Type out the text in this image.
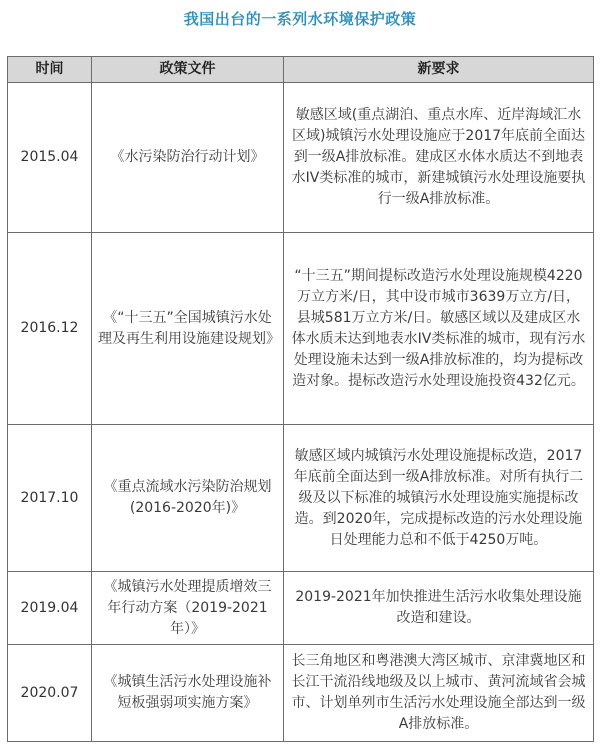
我国出台的一系列水环境保护政策
时间	政策文件	新要求
2015.04	《水污染防治行动计划》	敏感区域(重点湖泊、重点水库、近岸海域汇水区域)城镇污水处理设施应于2017年底前全面达到一级A排放标准。建成区水体水质达不到地表水IV类标准的城市，新建城镇污水处理设施要执行一级A排放标准。
2016.12	《“十三五”全国城镇污水处理及再生利用设施建设规划》	“十三五”期间提标改造污水处理设施规模4220万立方米/日，其中设市城市3639万立方/日，县城581万立方米/日。敏感区域以及建成区水体水质未达到地表水IV类标准的城市，现有污水处理设施未达到一级A排放标准的，均为提标改造对象。提标改造污水处理设施投资432亿元。
2017.10	《重点流域水污染防治规划(2016-2020年)》	敏感区域内城镇污水处理设施提标改造，2017年底前全面达到一级A排放标准。对所有执行二级及以下标准的城镇污水处理设施实施提标改造。到2020年，完成提标改造的污水处理设施日处理能力总和不低于4250万吨。
2019.04	《城镇污水处理提质增效三年行动方案（2019-2021年）》	2019-2021年加快推进生活污水收集处理设施改造和建设。
2020.07	《城镇生活污水处理设施补短板强弱项实施方案》	长三角地区和粤港澳大湾区城市、京津冀地区和长江干流沿线地级及以上城市、黄河流域省会城市、计划单列市生活污水处理设施全部达到一级A排放标准。
